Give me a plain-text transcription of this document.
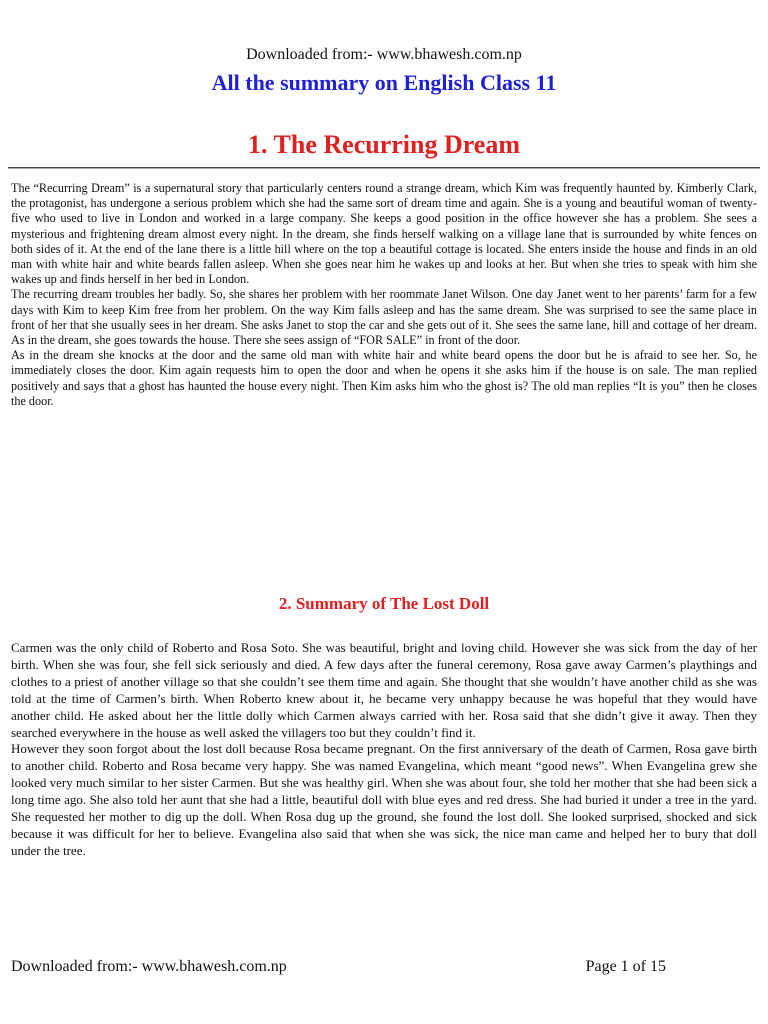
Downloaded from:- www.bhawesh.com.np
All the summary on English Class 11
1. The Recurring Dream

The “Recurring Dream” is a supernatural story that particularly centers round a strange dream, which Kim was frequently haunted by. Kimberly Clark, the protagonist, has undergone a serious problem which she had the same sort of dream time and again. She is a young and beautiful woman of twenty-five who used to live in London and worked in a large company. She keeps a good position in the office however she has a problem. She sees a mysterious and frightening dream almost every night. In the dream, she finds herself walking on a village lane that is surrounded by white fences on both sides of it. At the end of the lane there is a little hill where on the top a beautiful cottage is located. She enters inside the house and finds in an old man with white hair and white beards fallen asleep. When she goes near him he wakes up and looks at her. But when she tries to speak with him she wakes up and finds herself in her bed in London.

The recurring dream troubles her badly. So, she shares her problem with her roommate Janet Wilson. One day Janet went to her parents’ farm for a few days with Kim to keep Kim free from her problem. On the way Kim falls asleep and has the same dream. She was surprised to see the same place in front of her that she usually sees in her dream. She asks Janet to stop the car and she gets out of it. She sees the same lane, hill and cottage of her dream. As in the dream, she goes towards the house. There she sees assign of “FOR SALE” in front of the door.

As in the dream she knocks at the door and the same old man with white hair and white beard opens the door but he is afraid to see her. So, he immediately closes the door. Kim again requests him to open the door and when he opens it she asks him if the house is on sale. The man replied positively and says that a ghost has haunted the house every night. Then Kim asks him who the ghost is? The old man replies “It is you” then he closes the door.

2. Summary of The Lost Doll

Carmen was the only child of Roberto and Rosa Soto. She was beautiful, bright and loving child. However she was sick from the day of her birth. When she was four, she fell sick seriously and died. A few days after the funeral ceremony, Rosa gave away Carmen’s playthings and clothes to a priest of another village so that she couldn’t see them time and again. She thought that she wouldn’t have another child as she was told at the time of Carmen’s birth. When Roberto knew about it, he became very unhappy because he was hopeful that they would have another child. He asked about her the little dolly which Carmen always carried with her. Rosa said that she didn’t give it away. Then they searched everywhere in the house as well asked the villagers too but they couldn’t find it.

However they soon forgot about the lost doll because Rosa became pregnant. On the first anniversary of the death of Carmen, Rosa gave birth to another child. Roberto and Rosa became very happy. She was named Evangelina, which meant “good news”. When Evangelina grew she looked very much similar to her sister Carmen. But she was healthy girl. When she was about four, she told her mother that she had been sick a long time ago. She also told her aunt that she had a little, beautiful doll with blue eyes and red dress. She had buried it under a tree in the yard. She requested her mother to dig up the doll. When Rosa dug up the ground, she found the lost doll. She looked surprised, shocked and sick because it was difficult for her to believe. Evangelina also said that when she was sick, the nice man came and helped her to bury that doll under the tree.

Downloaded from:- www.bhawesh.com.np	Page 1 of 15
